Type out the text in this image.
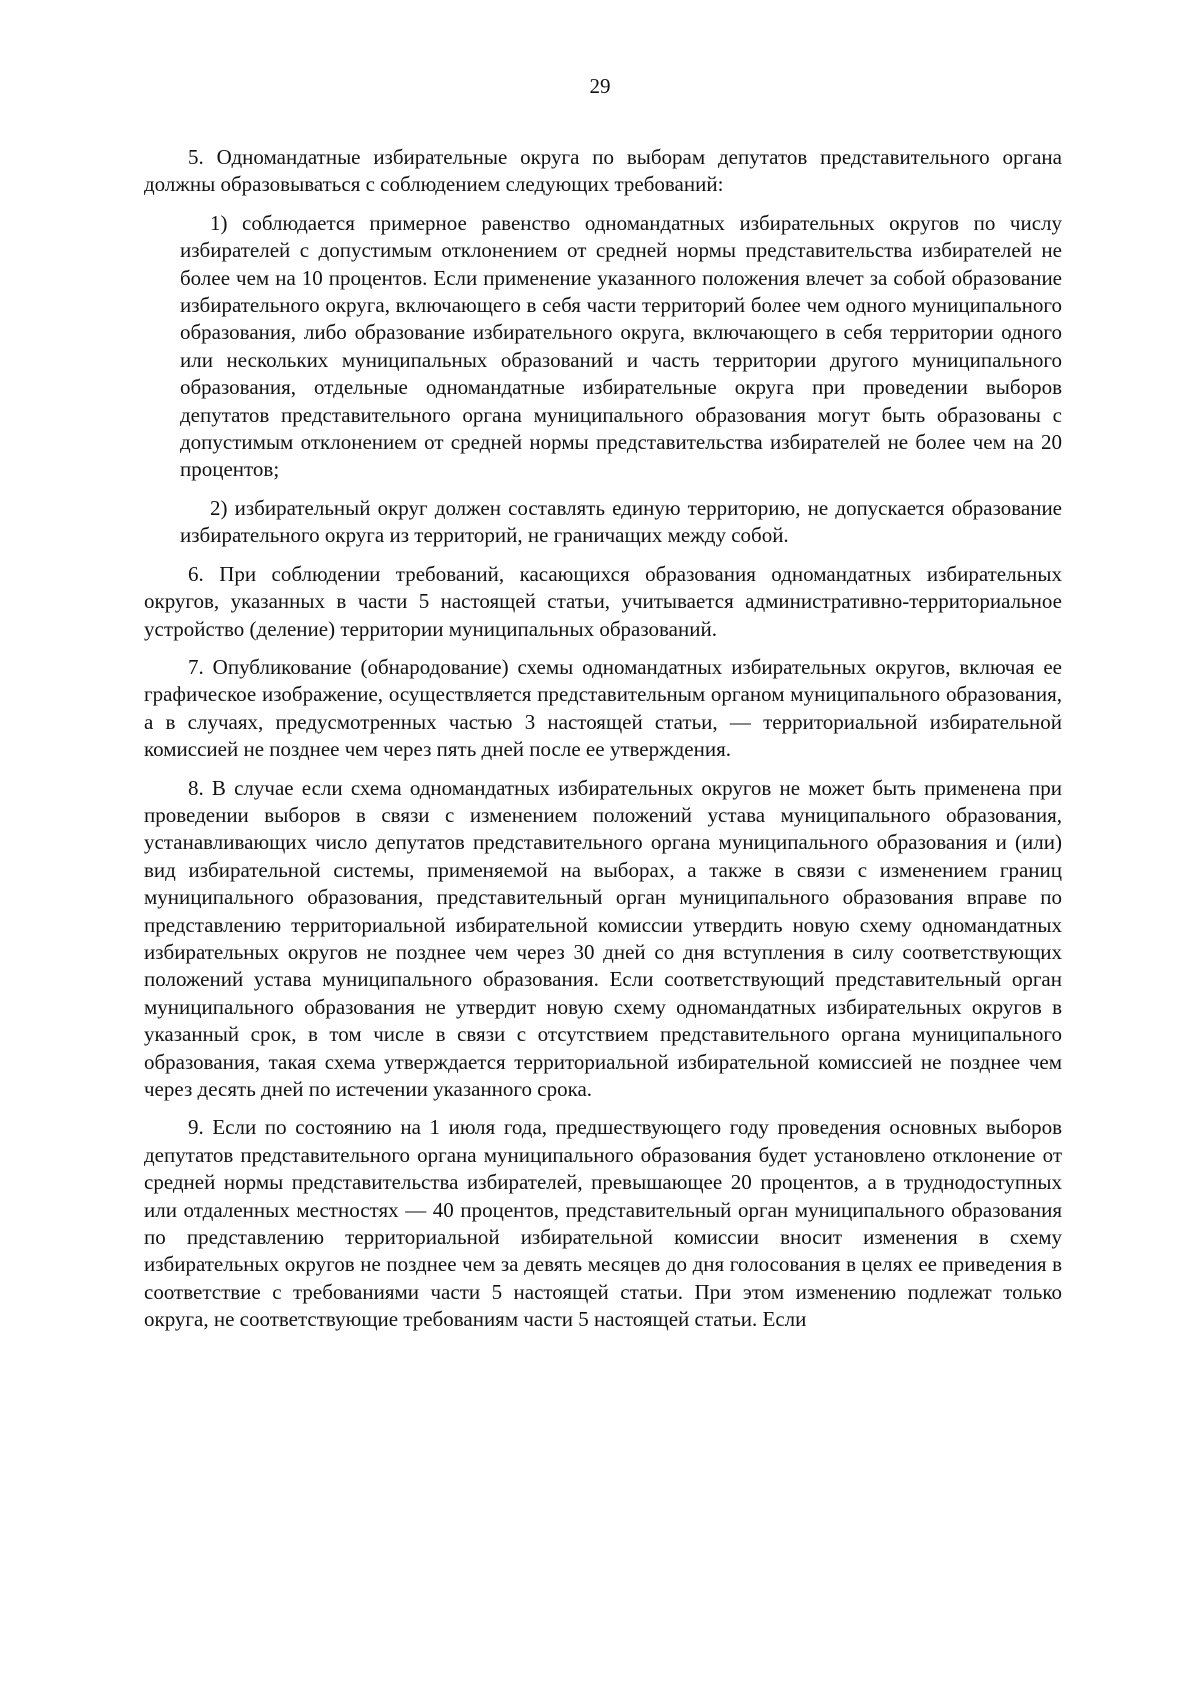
29

5. Одномандатные избирательные округа по выборам депутатов представительного органа должны образовываться с соблюдением следующих требований:

1) соблюдается примерное равенство одномандатных избирательных округов по числу избирателей с допустимым отклонением от средней нормы представительства избирателей не более чем на 10 процентов. Если применение указанного положения влечет за собой образование избирательного округа, включающего в себя части территорий более чем одного муниципального образования, либо образование избирательного округа, включающего в себя территории одного или нескольких муниципальных образований и часть территории другого муниципального образования, отдельные одномандатные избирательные округа при проведении выборов депутатов представительного органа муниципального образования могут быть образованы с допустимым отклонением от средней нормы представительства избирателей не более чем на 20 процентов;

2) избирательный округ должен составлять единую территорию, не допускается образование избирательного округа из территорий, не граничащих между собой.

6. При соблюдении требований, касающихся образования одномандатных избирательных округов, указанных в части 5 настоящей статьи, учитывается административно-территориальное устройство (деление) территории муниципальных образований.

7. Опубликование (обнародование) схемы одномандатных избирательных округов, включая ее графическое изображение, осуществляется представительным органом муниципального образования, а в случаях, предусмотренных частью 3 настоящей статьи, — территориальной избирательной комиссией не позднее чем через пять дней после ее утверждения.

8. В случае если схема одномандатных избирательных округов не может быть применена при проведении выборов в связи с изменением положений устава муниципального образования, устанавливающих число депутатов представительного органа муниципального образования и (или) вид избирательной системы, применяемой на выборах, а также в связи с изменением границ муниципального образования, представительный орган муниципального образования вправе по представлению территориальной избирательной комиссии утвердить новую схему одномандатных избирательных округов не позднее чем через 30 дней со дня вступления в силу соответствующих положений устава муниципального образования. Если соответствующий представительный орган муниципального образования не утвердит новую схему одномандатных избирательных округов в указанный срок, в том числе в связи с отсутствием представительного органа муниципального образования, такая схема утверждается территориальной избирательной комиссией не позднее чем через десять дней по истечении указанного срока.

9. Если по состоянию на 1 июля года, предшествующего году проведения основных выборов депутатов представительного органа муниципального образования будет установлено отклонение от средней нормы представительства избирателей, превышающее 20 процентов, а в труднодоступных или отдаленных местностях — 40 процентов, представительный орган муниципального образования по представлению территориальной избирательной комиссии вносит изменения в схему избирательных округов не позднее чем за девять месяцев до дня голосования в целях ее приведения в соответствие с требованиями части 5 настоящей статьи. При этом изменению подлежат только округа, не соответствующие требованиям части 5 настоящей статьи. Если
